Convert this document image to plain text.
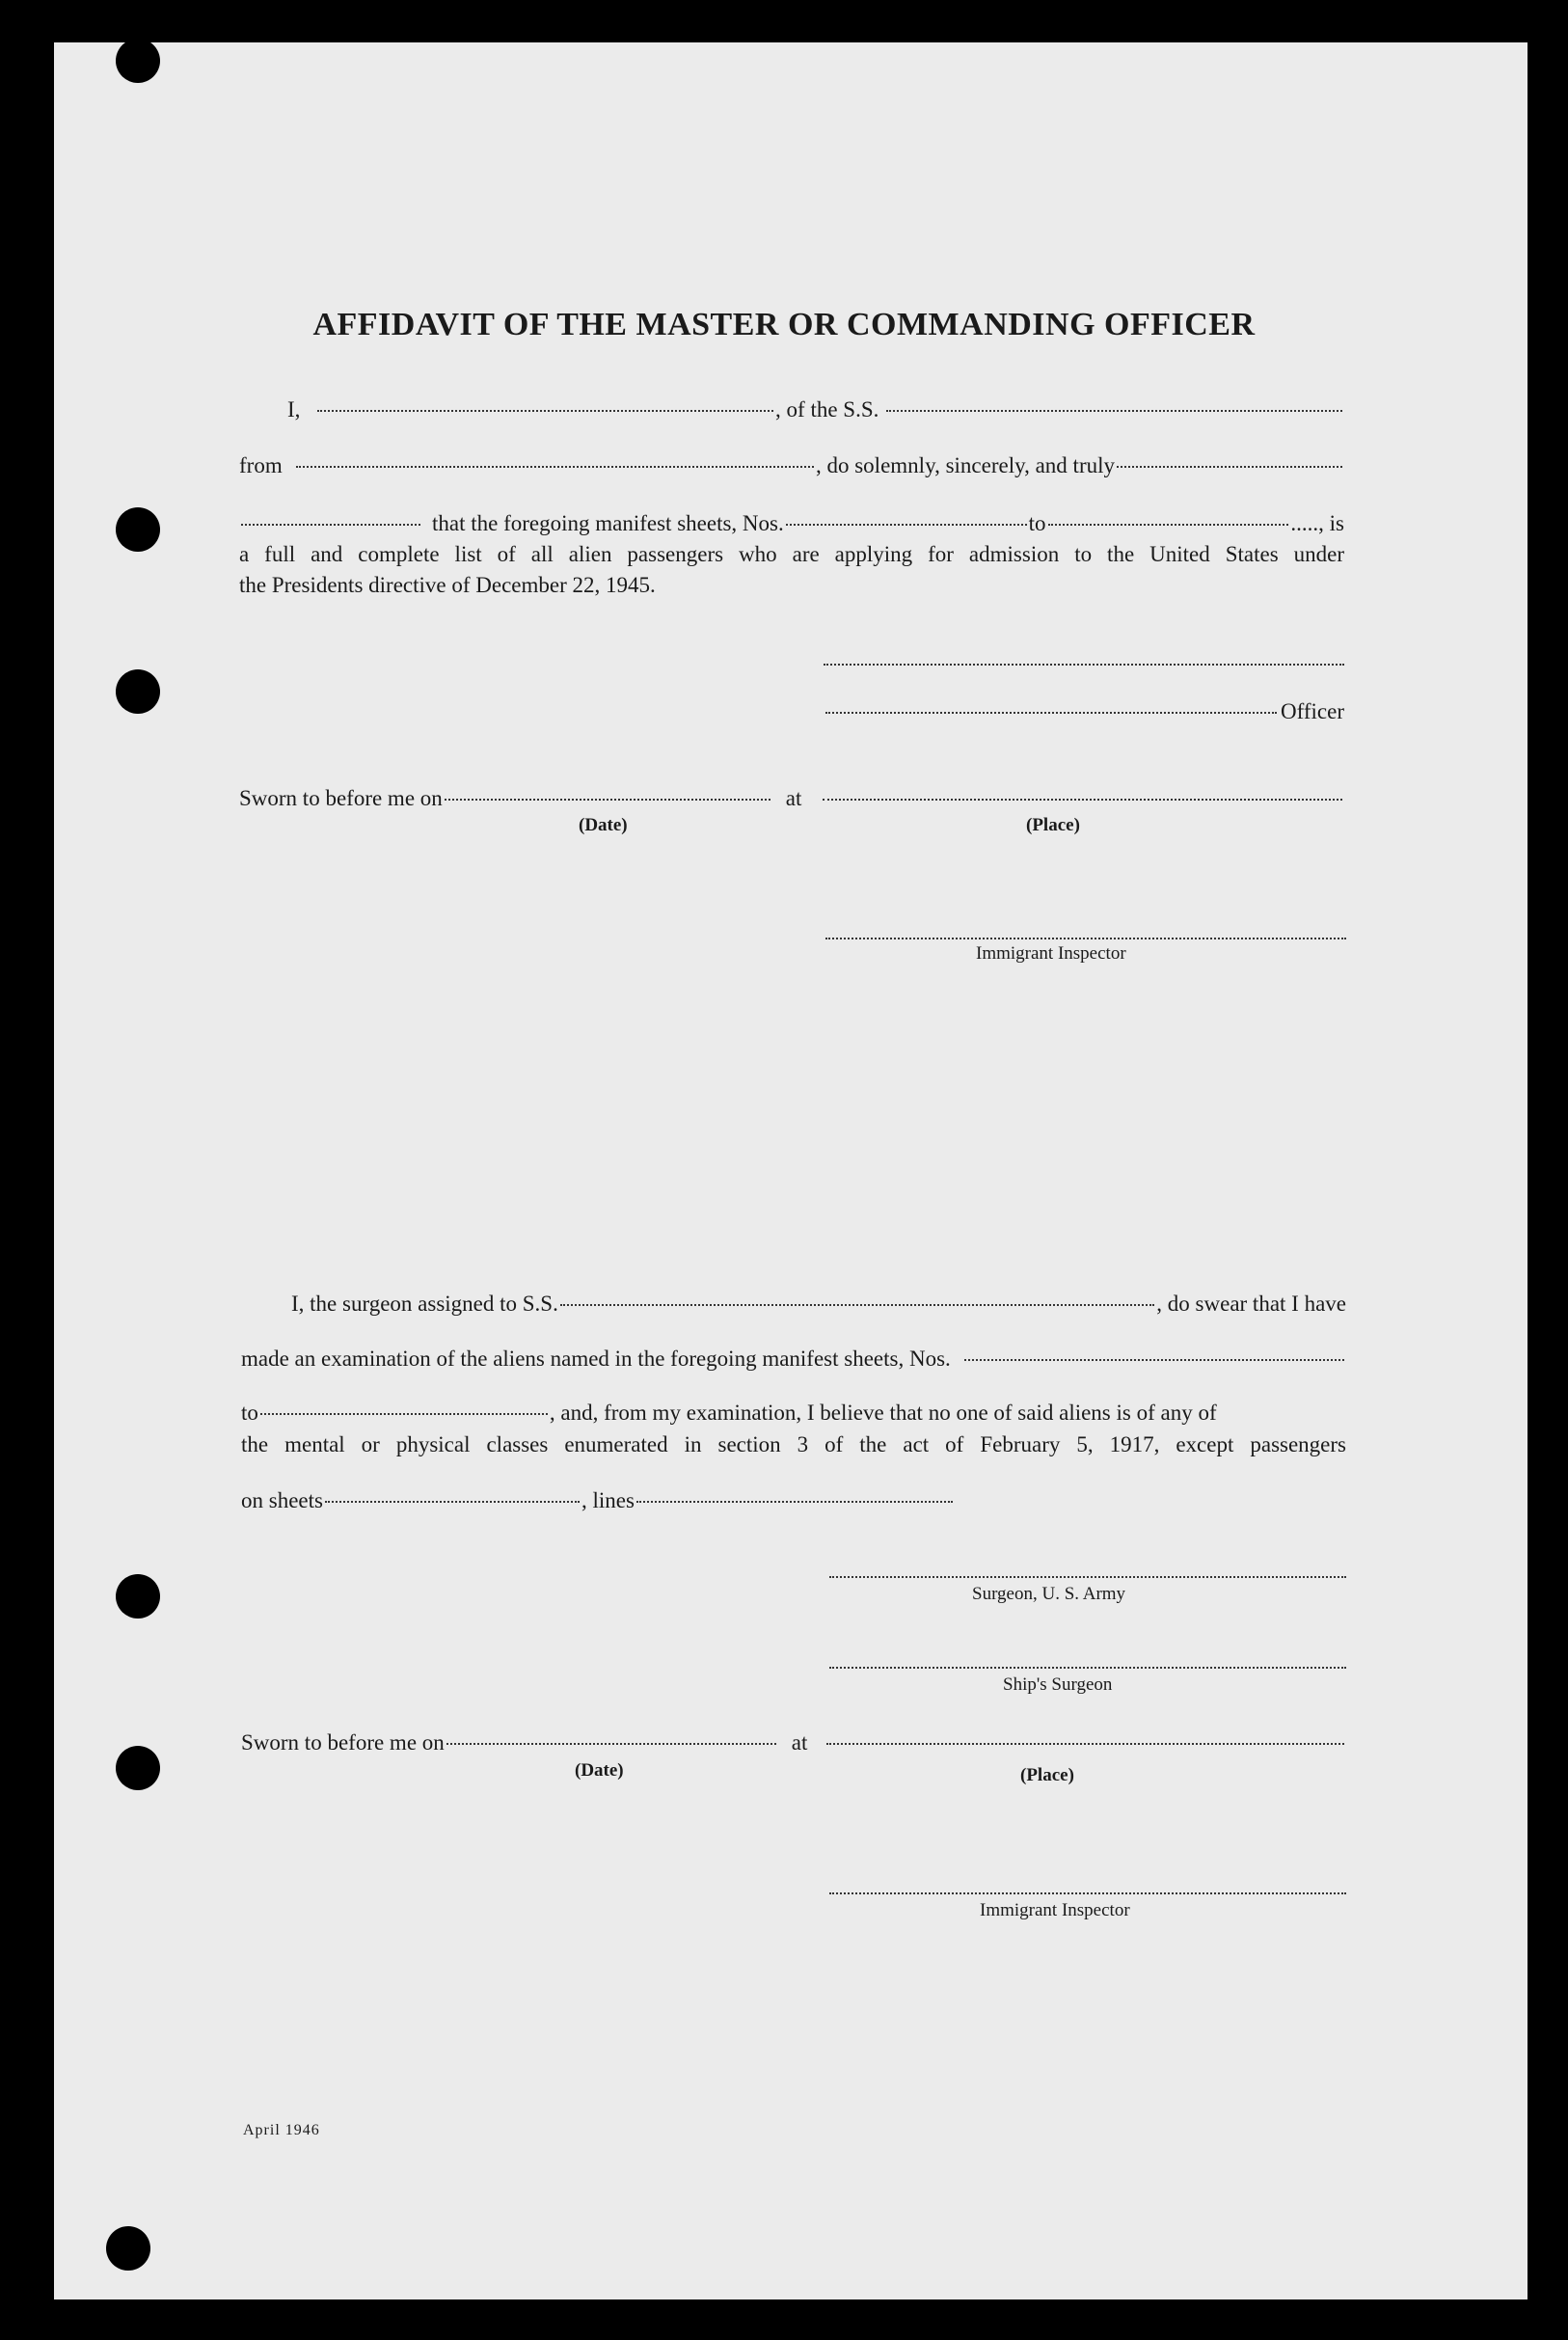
AFFIDAVIT OF THE MASTER OR COMMANDING OFFICER
I,	, of the S.S.
from	, do solemnly, sincerely, and truly
that the foregoing manifest sheets, Nos.	to	....., is
a full and complete list of all alien passengers who are applying for admission to the United States under
the Presidents directive of December 22, 1945.
Officer
Sworn to before me on	at
(Date)	(Place)
Immigrant Inspector
I, the surgeon assigned to S.S.	, do swear that I have
made an examination of the aliens named in the foregoing manifest sheets, Nos.
to	, and, from my examination, I believe that no one of said aliens is of any of
the mental or physical classes enumerated in section 3 of the act of February 5, 1917, except passengers
on sheets	, lines
Surgeon, U. S. Army
Ship's Surgeon
Sworn to before me on	at
(Date)	(Place)
Immigrant Inspector
April 1946
